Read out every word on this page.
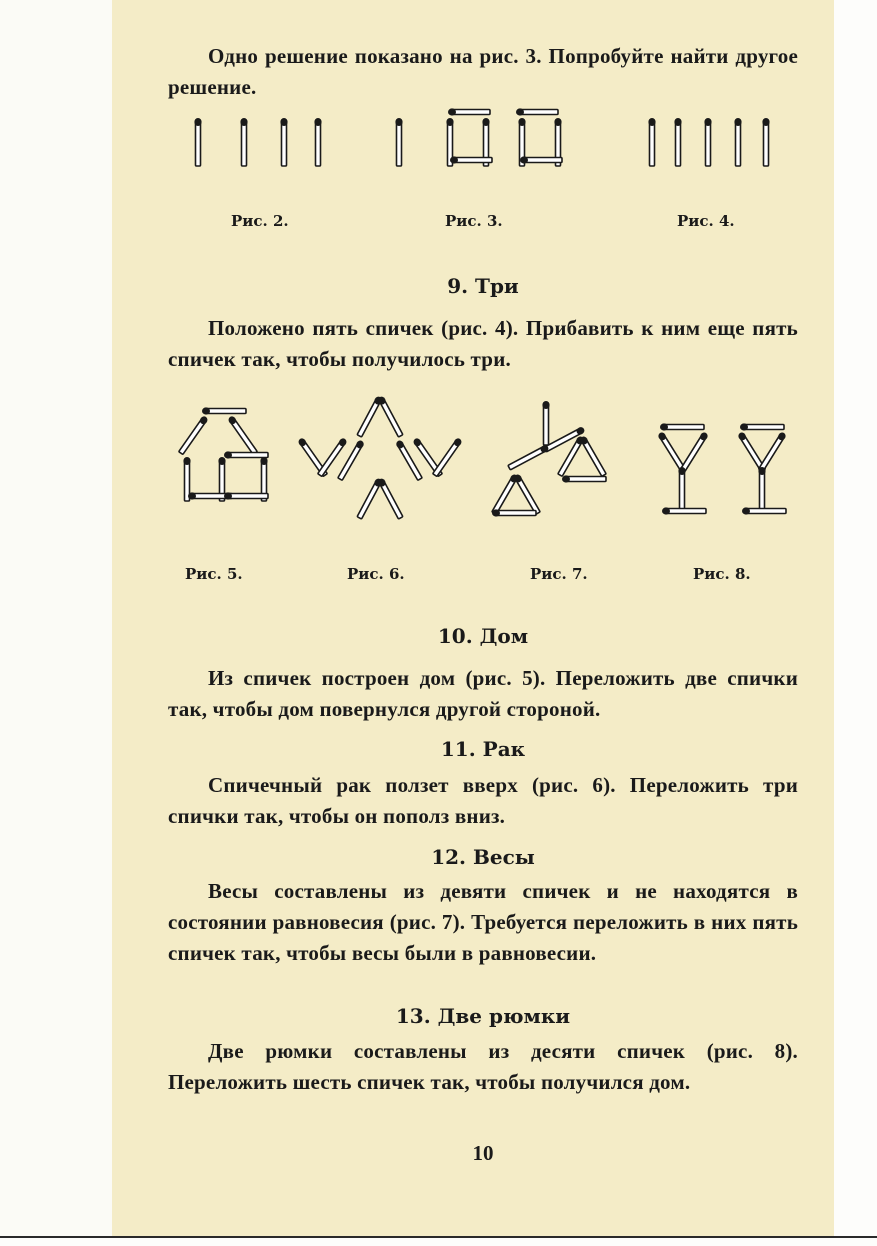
Одно решение показано на рис. 3. Попробуйте найти другое решение.
Рис. 2.	Рис. 3.	Рис. 4.
9. Три
Положено пять спичек (рис. 4). Прибавить к ним еще пять спичек так, чтобы получилось три.
Рис. 5.	Рис. 6.	Рис. 7.	Рис. 8.
10. Дом
Из спичек построен дом (рис. 5). Переложить две спички так, чтобы дом повернулся другой стороной.
11. Рак
Спичечный рак ползет вверх (рис. 6). Переложить три спички так, чтобы он пополз вниз.
12. Весы
Весы составлены из девяти спичек и не находятся в состоянии равновесия (рис. 7). Требуется переложить в них пять спичек так, чтобы весы были в равновесии.
13. Две рюмки
Две рюмки составлены из десяти спичек (рис. 8). Переложить шесть спичек так, чтобы получился дом.
10
